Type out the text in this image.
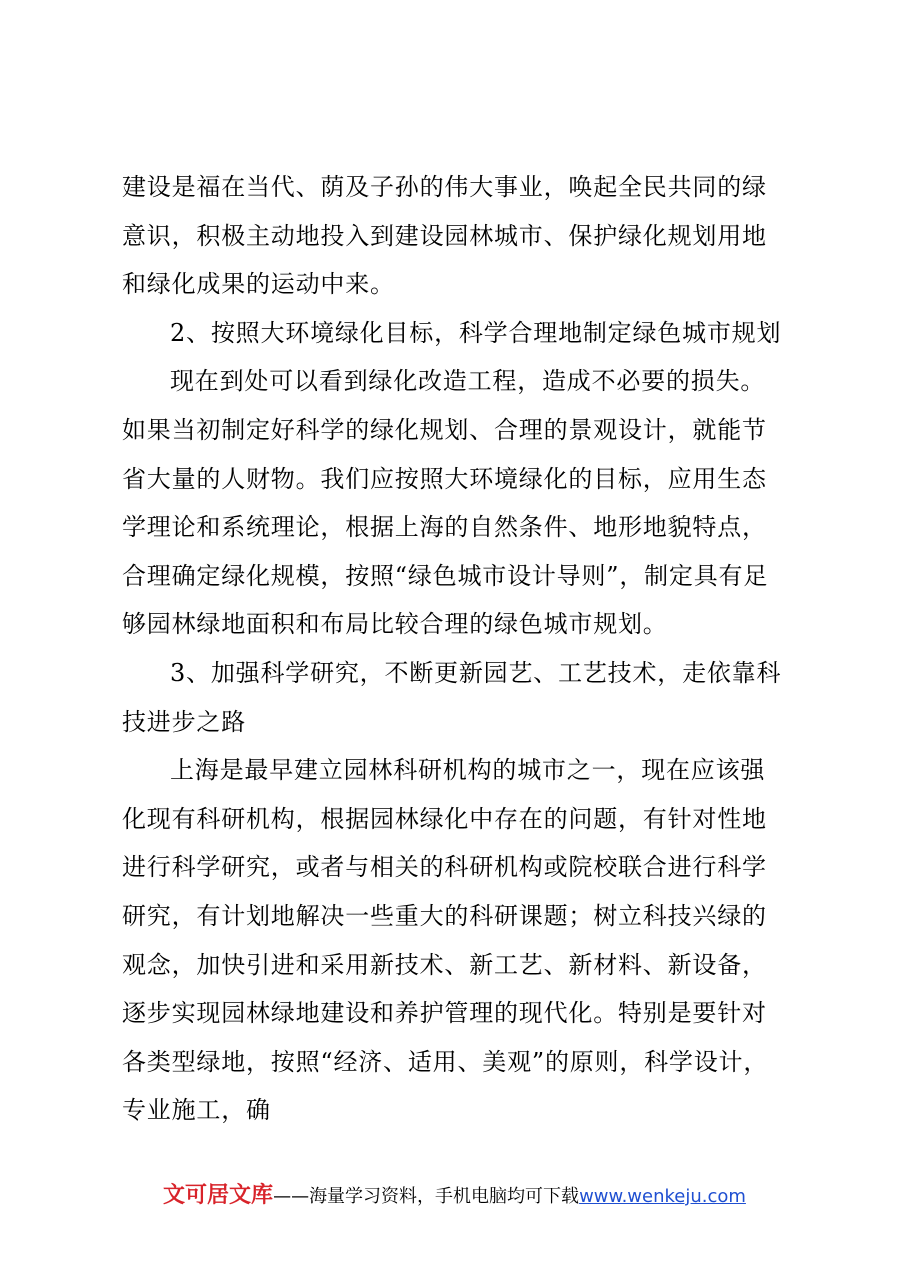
建设是福在当代、荫及子孙的伟大事业，唤起全民共同的绿意识，积极主动地投入到建设园林城市、保护绿化规划用地和绿化成果的运动中来。

2、按照大环境绿化目标，科学合理地制定绿色城市规划

现在到处可以看到绿化改造工程，造成不必要的损失。如果当初制定好科学的绿化规划、合理的景观设计，就能节省大量的人财物。我们应按照大环境绿化的目标，应用生态学理论和系统理论，根据上海的自然条件、地形地貌特点，合理确定绿化规模，按照“绿色城市设计导则”，制定具有足够园林绿地面积和布局比较合理的绿色城市规划。

3、加强科学研究，不断更新园艺、工艺技术，走依靠科技进步之路

上海是最早建立园林科研机构的城市之一，现在应该强化现有科研机构，根据园林绿化中存在的问题，有针对性地进行科学研究，或者与相关的科研机构或院校联合进行科学研究，有计划地解决一些重大的科研课题；树立科技兴绿的观念，加快引进和采用新技术、新工艺、新材料、新设备，逐步实现园林绿地建设和养护管理的现代化。特别是要针对各类型绿地，按照“经济、适用、美观”的原则，科学设计，专业施工，确

文可居文库——海量学习资料，手机电脑均可下载www.wenkeju.com
